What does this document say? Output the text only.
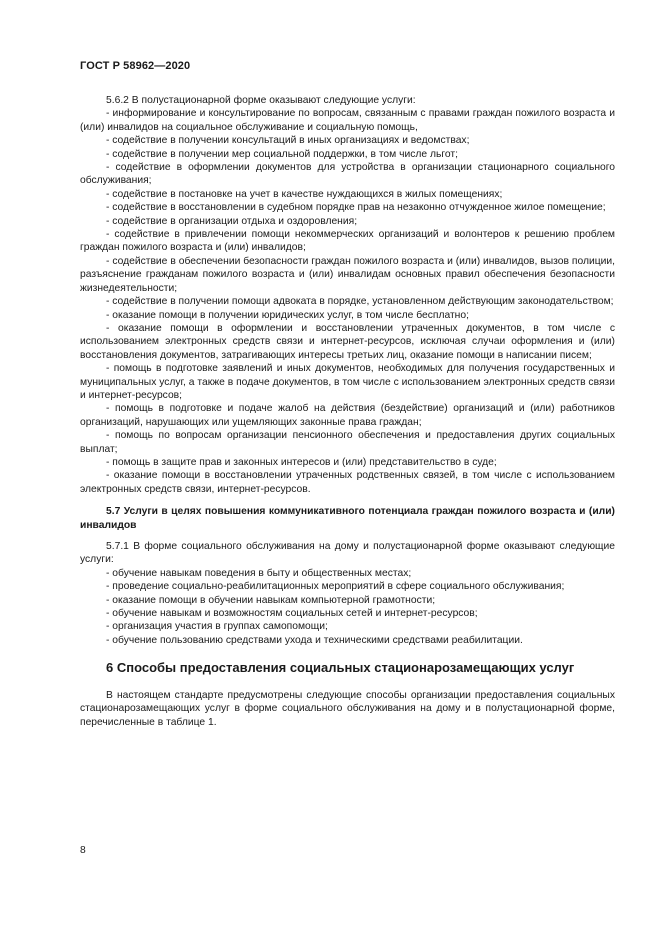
ГОСТ Р 58962—2020

5.6.2 В полустационарной форме оказывают следующие услуги:

- информирование и консультирование по вопросам, связанным с правами граждан пожилого возраста и (или) инвалидов на социальное обслуживание и социальную помощь,

- содействие в получении консультаций в иных организациях и ведомствах;

- содействие в получении мер социальной поддержки, в том числе льгот;

- содействие в оформлении документов для устройства в организации стационарного социального обслуживания;

- содействие в постановке на учет в качестве нуждающихся в жилых помещениях;

- содействие в восстановлении в судебном порядке прав на незаконно отчужденное жилое помещение;

- содействие в организации отдыха и оздоровления;

- содействие в привлечении помощи некоммерческих организаций и волонтеров к решению проблем граждан пожилого возраста и (или) инвалидов;

- содействие в обеспечении безопасности граждан пожилого возраста и (или) инвалидов, вызов полиции, разъяснение гражданам пожилого возраста и (или) инвалидам основных правил обеспечения безопасности жизнедеятельности;

- содействие в получении помощи адвоката в порядке, установленном действующим законодательством;

- оказание помощи в получении юридических услуг, в том числе бесплатно;

- оказание помощи в оформлении и восстановлении утраченных документов, в том числе с использованием электронных средств связи и интернет-ресурсов, исключая случаи оформления и (или) восстановления документов, затрагивающих интересы третьих лиц, оказание помощи в написании писем;

- помощь в подготовке заявлений и иных документов, необходимых для получения государственных и муниципальных услуг, а также в подаче документов, в том числе с использованием электронных средств связи и интернет-ресурсов;

- помощь в подготовке и подаче жалоб на действия (бездействие) организаций и (или) работников организаций, нарушающих или ущемляющих законные права граждан;

- помощь по вопросам организации пенсионного обеспечения и предоставления других социальных выплат;

- помощь в защите прав и законных интересов и (или) представительство в суде;

- оказание помощи в восстановлении утраченных родственных связей, в том числе с использованием электронных средств связи, интернет-ресурсов.

5.7 Услуги в целях повышения коммуникативного потенциала граждан пожилого возраста и (или) инвалидов

5.7.1 В форме социального обслуживания на дому и полустационарной форме оказывают следующие услуги:

- обучение навыкам поведения в быту и общественных местах;

- проведение социально-реабилитационных мероприятий в сфере социального обслуживания;

- оказание помощи в обучении навыкам компьютерной грамотности;

- обучение навыкам и возможностям социальных сетей и интернет-ресурсов;

- организация участия в группах самопомощи;

- обучение пользованию средствами ухода и техническими средствами реабилитации.

6 Способы предоставления социальных стационарозамещающих услуг

В настоящем стандарте предусмотрены следующие способы организации предоставления социальных стационарозамещающих услуг в форме социального обслуживания на дому и в полустационарной форме, перечисленные в таблице 1.

8
